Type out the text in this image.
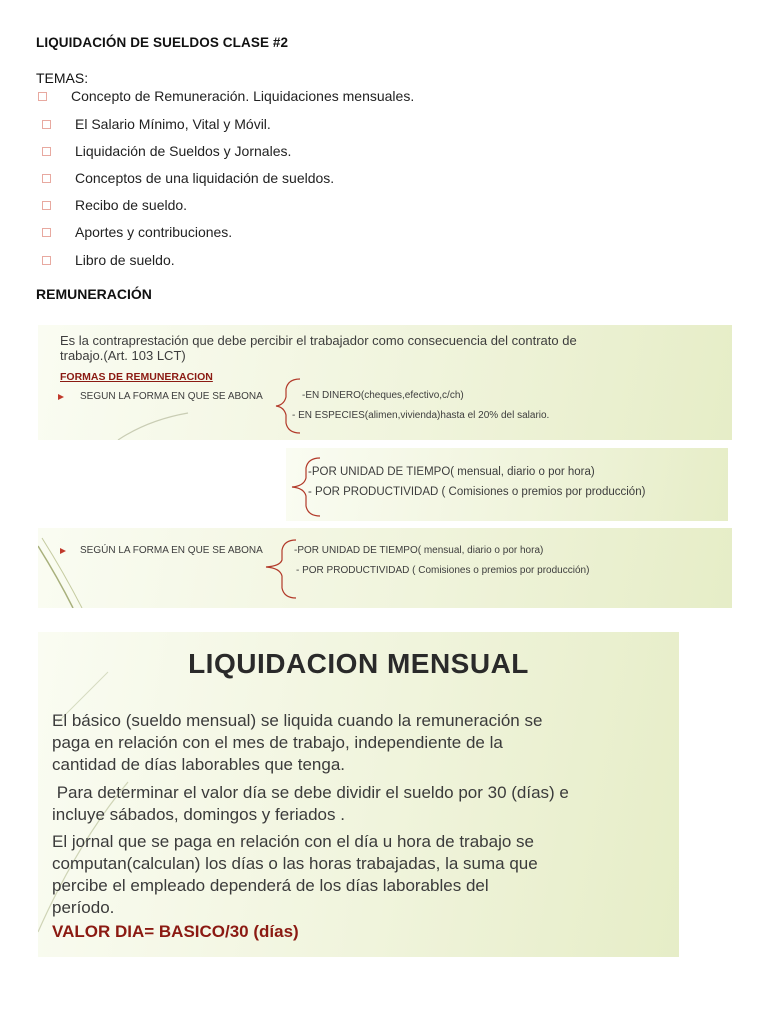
LIQUIDACIÓN DE SUELDOS CLASE #2
TEMAS:
Concepto de Remuneración. Liquidaciones mensuales.
El Salario Mínimo, Vital y Móvil.
Liquidación de Sueldos y Jornales.
Conceptos de una liquidación de sueldos.
Recibo de sueldo.
Aportes y contribuciones.
Libro de sueldo.
REMUNERACIÓN
Es la contraprestación que debe percibir el trabajador como consecuencia del contrato de
trabajo.(Art. 103 LCT)
FORMAS DE REMUNERACION
SEGUN LA FORMA EN QUE SE ABONA	-EN DINERO(cheques,efectivo,c/ch)
- EN ESPECIES(alimen,vivienda)hasta el 20% del salario.
-POR UNIDAD DE TIEMPO( mensual, diario o por hora)
- POR PRODUCTIVIDAD ( Comisiones o premios por producción)
SEGÚN LA FORMA EN QUE SE ABONA	-POR UNIDAD DE TIEMPO( mensual, diario o por hora)
- POR PRODUCTIVIDAD ( Comisiones o premios por producción)
LIQUIDACION MENSUAL
El básico (sueldo mensual) se liquida cuando la remuneración se
paga en relación con el mes de trabajo, independiente de la
cantidad de días laborables que tenga.
Para determinar el valor día se debe dividir el sueldo por 30 (días) e
incluye sábados, domingos y feriados .
El jornal que se paga en relación con el día u hora de trabajo se
computan(calculan) los días o las horas trabajadas, la suma que
percibe el empleado dependerá de los días laborables del
período.
VALOR DIA= BASICO/30 (días)
